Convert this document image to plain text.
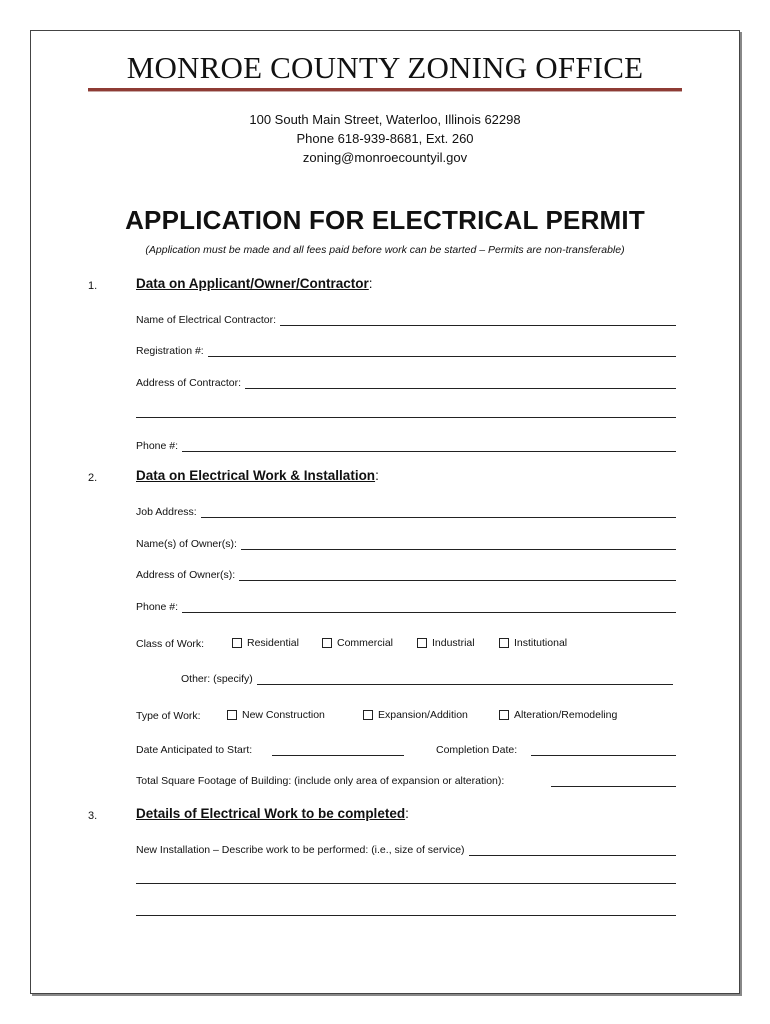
MONROE COUNTY ZONING OFFICE
100 South Main Street, Waterloo, Illinois 62298
Phone 618-939-8681, Ext. 260
zoning@monroecountyil.gov
APPLICATION FOR ELECTRICAL PERMIT
(Application must be made and all fees paid before work can be started – Permits are non-transferable)
1.	Data on Applicant/Owner/Contractor:
Name of Electrical Contractor:
Registration #:
Address of Contractor:
Phone #:
2.	Data on Electrical Work & Installation:
Job Address:
Name(s) of Owner(s):
Address of Owner(s):
Phone #:
Class of Work:	Residential	Commercial	Industrial	Institutional
Other: (specify)
Type of Work:	New Construction	Expansion/Addition	Alteration/Remodeling
Date Anticipated to Start:	Completion Date:
Total Square Footage of Building: (include only area of expansion or alteration):
3.	Details of Electrical Work to be completed:
New Installation – Describe work to be performed: (i.e., size of service)
